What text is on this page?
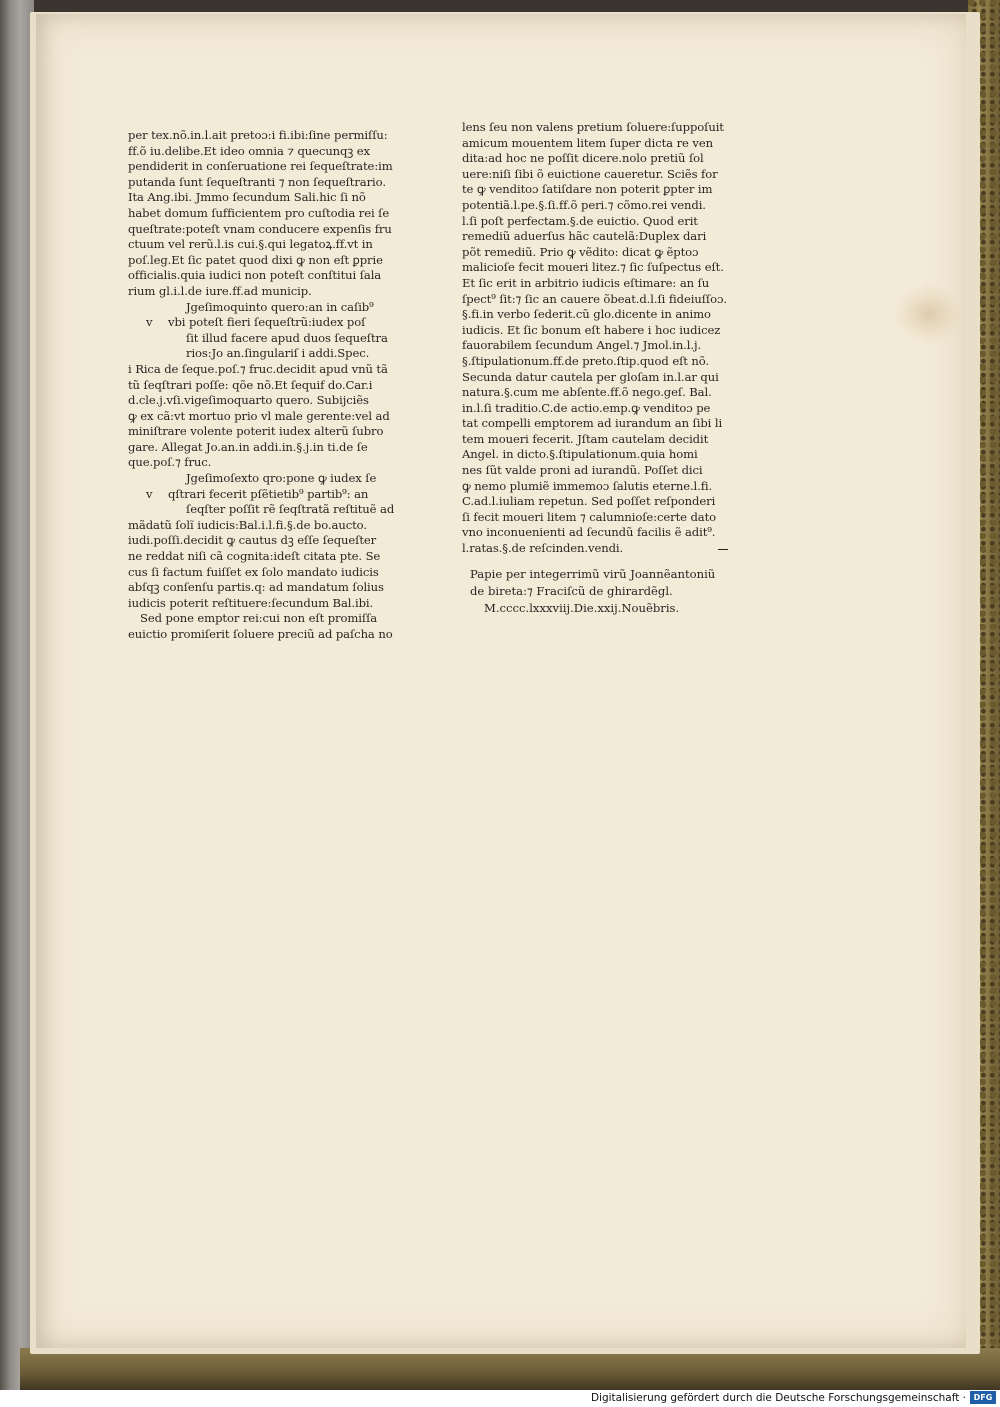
per tex.nõ.in.l.ait pretoɔ:i fi.ibi:ſine permiſſu:
ff.õ iu.delibe.Et ideo omnia ⁊ quecunqꝫ ex
pendiderit in conſeruatione rei ſequeſtrate:im
putanda ſunt ſequeſtranti ⁊ non ſequeſtrario.
Ita Ang.ibi. Jmmo ſecundum Sali.hic ſi nõ
habet domum ſufficientem pro cuſtodia rei ſe
queſtrate:poteſt vnam conducere expenſis fru
ctuum vel rerũ.l.is cui.§.qui legatoꝝ.ff.vt in
poſ.leg.Et ſic patet quod dixi ꝙ non eſt ꝑprie
officialis.quia iudici non poteſt conſtitui ſala
rium gl.i.l.de iure.ff.ad municip.
Jgeſimoquinto quero:an in caſib⁹
v vbi poteſt fieri ſequeſtrũ:iudex poſ
ſit illud facere apud duos ſequeſtra
rios:Jo an.ſingulariſ i addi.Spec.
i Rica de ſeque.poſ.⁊ fruc.decidit apud vnũ tã
tũ ſeqſtrari poſſe: qõe nõ.Et ſequif do.Car.i
d.cle.j.vſi.vigeſimoquarto quero. Subijciẽs
ꝙ ex cã:vt mortuo prio vl male gerente:vel ad
miniſtrare volente poterit iudex alterũ ſubro
gare. Allegat Jo.an.in addi.in.§.j.in ti.de ſe
que.poſ.⁊ fruc.
Jgeſimoſexto qro:pone ꝙ iudex ſe
v qſtrari fecerit pſẽtietib⁹ partib⁹: an
ſeqſter poſſit rẽ ſeqſtratã reſtituẽ ad
mãdatũ ſolĩ iudicis:Bal.i.l.fi.§.de bo.aucto.
iudi.poſſi.decidit ꝙ cautus dꝫ eſſe ſequeſter
ne reddat niſi cã cognita:ideſt citata pte. Se
cus ſi factum fuiſſet ex ſolo mandato iudicis
abſqꝫ conſenſu partis.q: ad mandatum ſolius
iudicis poterit reſtituere:ſecundum Bal.ibi.
Sed pone emptor rei:cui non eſt promiſſa
euictio promiſerit ſoluere preciũ ad paſcha no
lens ſeu non valens pretium ſoluere:ſuppoſuit
amicum mouentem litem ſuper dicta re ven
dita:ad hoc ne poſſit dicere.nolo pretiũ ſol
uere:niſi ſibi õ euictione caueretur. Sciẽs for
te ꝙ venditoɔ ſatiſdare non poterit ꝑpter im
potentiã.l.pe.§.ſi.ff.õ peri.⁊ cõmo.rei vendi.
l.ſi poſt perfectam.§.de euictio. Quod erit
remediũ aduerſus hãc cautelã:Duplex dari
põt remediũ. Prio ꝙ vẽdito: dicat ꝙ ẽptoɔ
malicioſe fecit moueri litez.⁊ ſic ſuſpectus eſt.
Et ſic erit in arbitrio iudicis eſtimare: an ſu
ſpect⁹ ſit:⁊ ſic an cauere õbeat.d.l.ſi fideiuſſoɔ.
§.fi.in verbo ſederit.cũ glo.dicente in animo
iudicis. Et ſic bonum eſt habere i hoc iudicez
fauorabilem ſecundum Angel.⁊ Jmol.in.l.j.
§.ſtipulationum.ff.de preto.ſtip.quod eſt nõ.
Secunda datur cautela per gloſam in.l.ar qui
natura.§.cum me abſente.ff.õ nego.geſ. Bal.
in.l.ſi traditio.C.de actio.emp.ꝙ venditoɔ pe
tat compelli emptorem ad iurandum an ſibi li
tem moueri fecerit. Jſtam cautelam decidit
Angel. in dicto.§.ſtipulationum.quia homi
nes ſũt valde proni ad iurandũ. Poſſet dici
ꝙ nemo plumiẽ immemoɔ ſalutis eterne.l.fi.
C.ad.l.iuliam repetun. Sed poſſet reſponderi
ſi fecit moueri litem ⁊ calumnioſe:certe dato
vno inconuenienti ad ſecundũ facilis ẽ adit⁹.
l.ratas.§.de reſcinden.vendi.
Papie per integerrimũ virũ Joannẽantoniũ
de bireta:⁊ Fraciſcũ de ghirardẽgl.
M.cccc.lxxxviij.Die.xxij.Nouẽbris.
Digitalisierung gefördert durch die Deutsche Forschungsgemeinschaft · DFG
